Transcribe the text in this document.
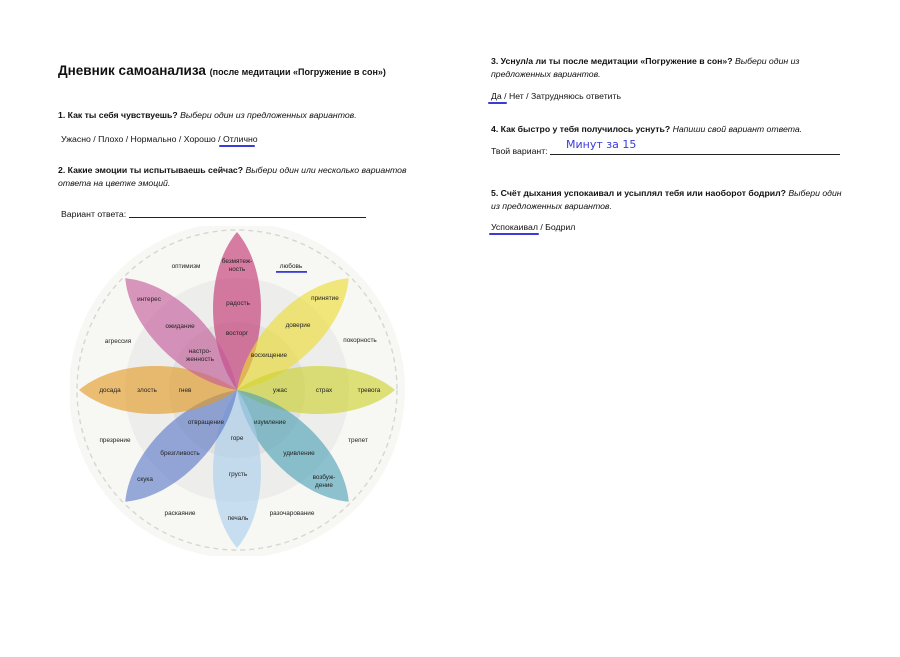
Дневник самоанализа (после медитации «Погружение в сон»)
1. Как ты себя чувствуешь? Выбери один из предложенных вариантов.
Ужасно / Плохо / Нормально / Хорошо / Отлично
2. Какие эмоции ты испытываешь сейчас? Выбери один или несколько вариантов
ответа на цветке эмоций.
Вариант ответа:
оптимизм	любовь
покорность
трепет
разочарование
раскаяние
презрение
агрессия
безмятеж-
ность
принятие
тревога
возбуж-
дение
печаль
скука
досада
интерес
радость
доверие
страх
удивление
грусть
брезгливость
злость
ожидание
восторг
восхищение
ужас
изумление
горе
отвращение
гнев
настро-
женность
3. Уснул/а ли ты после медитации «Погружение в сон»? Выбери один из
предложенных вариантов.
Да / Нет / Затрудняюсь ответить
4. Как быстро у тебя получилось уснуть? Напиши свой вариант ответа.
Твой вариант: Минут за 15
5. Счёт дыхания успокаивал и усыплял тебя или наоборот бодрил? Выбери один
из предложенных вариантов.
Успокаивал / Бодрил
